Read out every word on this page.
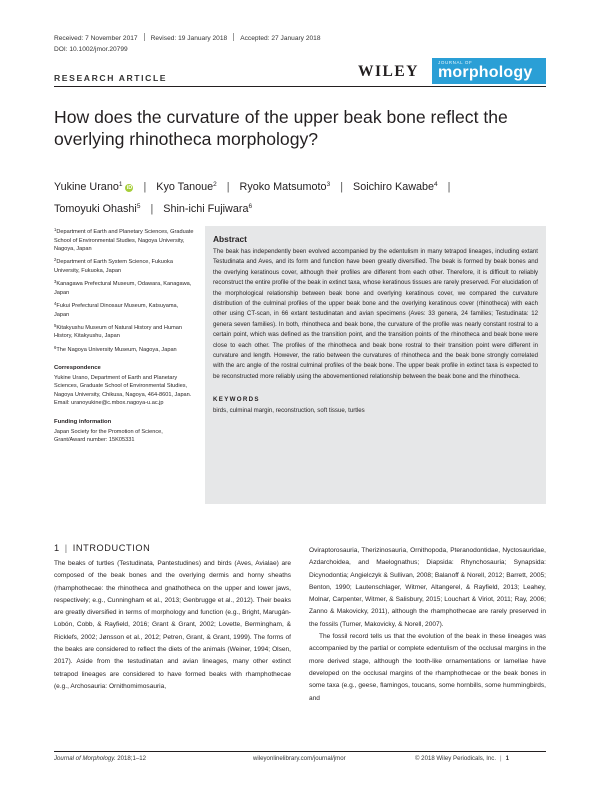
Received: 7 November 2017 Revised: 19 January 2018 Accepted: 27 January 2018
DOI: 10.1002/jmor.20799
RESEARCH ARTICLE	WILEY
JOURNAL OF
morphology
How does the curvature of the upper beak bone reflect the overlying rhinotheca morphology?
Yukine Urano$^1$ iD | Kyo Tanoue$^2$ | Ryoko Matsumoto$^3$ | Soichiro Kawabe$^4$ |
Tomoyuki Ohashi$^5$ | Shin-ichi Fujiwara$^6$
$^1$Department of Earth and Planetary Sciences, Graduate School of Environmental Studies, Nagoya University, Nagoya, Japan
$^2$Department of Earth System Science, Fukuoka University, Fukuoka, Japan
$^3$Kanagawa Prefectural Museum, Odawara, Kanagawa, Japan
$^4$Fukui Prefectural Dinosaur Museum, Katsuyama, Japan
$^5$Kitakyushu Museum of Natural History and Human History, Kitakyushu, Japan
$^6$The Nagoya University Museum, Nagoya, Japan
Correspondence
Yukine Urano, Department of Earth and Planetary Sciences, Graduate School of Environmental Studies, Nagoya University, Chikusa, Nagoya, 464-8601, Japan.
Email: uranoyukine@c.mbox.nagoya-u.ac.jp
Funding information
Japan Society for the Promotion of Science, Grant/Award number: 15K05331
Abstract
The beak has independently been evolved accompanied by the edentulism in many tetrapod lineages, including extant Testudinata and Aves, and its form and function have been greatly diversified. The beak is formed by beak bones and the overlying keratinous cover, although their profiles are different from each other. Therefore, it is difficult to reliably reconstruct the entire profile of the beak in extinct taxa, whose keratinous tissues are rarely preserved. For elucidation of the morphological relationship between beak bone and overlying keratinous cover, we compared the curvature distribution of the culminal profiles of the upper beak bone and the overlying keratinous cover (rhinotheca) with each other using CT-scan, in 66 extant testudinatan and avian specimens (Aves: 33 genera, 24 families; Testudinata: 12 genera seven families). In both, rhinotheca and beak bone, the curvature of the profile was nearly constant rostral to a certain point, which was defined as the transition point, and the transition points of the rhinotheca and beak bone were close to each other. The profiles of the rhinotheca and beak bone rostral to their transition point were different in curvature and length. However, the ratio between the curvatures of rhinotheca and the beak bone strongly correlated with the arc angle of the rostral culminal profiles of the beak bone. The upper beak profile in extinct taxa is expected to be reconstructed more reliably using the abovementioned relationship between the beak bone and the rhinotheca.
KEYWORDS
birds, culminal margin, reconstruction, soft tissue, turtles
1 | INTRODUCTION

The beaks of turtles (Testudinata, Pantestudines) and birds (Aves, Avialae) are composed of the beak bones and the overlying dermis and horny sheaths (rhamphothecae: the rhinotheca and gnathotheca on the upper and lower jaws, respectively; e.g., Cunningham et al., 2013; Genbrugge et al., 2012). Their beaks are greatly diversified in terms of morphology and function (e.g., Bright, Marugán-Lobón, Cobb, & Rayfield, 2016; Grant & Grant, 2002; Lovette, Bermingham, & Ricklefs, 2002; Jønsson et al., 2012; Petren, Grant, & Grant, 1999). The forms of the beaks are considered to reflect the diets of the animals (Weiner, 1994; Olsen, 2017). Aside from the testudinatan and avian lineages, many other extinct tetrapod lineages are considered to have formed beaks with rhamphothecae (e.g., Archosauria: Ornithomimosauria,

Oviraptorosauria, Therizinosauria, Ornithopoda, Pteranodontidae, Nyctosauridae, Azdarchoidea, and Maelognathus; Diapsida: Rhynchosauria; Synapsida: Dicynodontia; Angielczyk & Sullivan, 2008; Balanoff & Norell, 2012; Barrett, 2005; Benton, 1990; Lautenschlager, Witmer, Altangerel, & Rayfield, 2013; Leahey, Molnar, Carpenter, Witmer, & Salisbury, 2015; Louchart & Viriot, 2011; Ray, 2006; Zanno & Makovicky, 2011), although the rhamphothecae are rarely preserved in the fossils (Turner, Makovicky, & Norell, 2007).

The fossil record tells us that the evolution of the beak in these lineages was accompanied by the partial or complete edentulism of the occlusal margins in the more derived stage, although the tooth-like ornamentations or lamellae have developed on the occlusal margins of the rhamphothecae or the beak bones in some taxa (e.g., geese, flamingos, toucans, some hornbills, some hummingbirds, and

Journal of Morphology. 2018;1–12	wileyonlinelibrary.com/journal/jmor	© 2018 Wiley Periodicals, Inc. | 1
